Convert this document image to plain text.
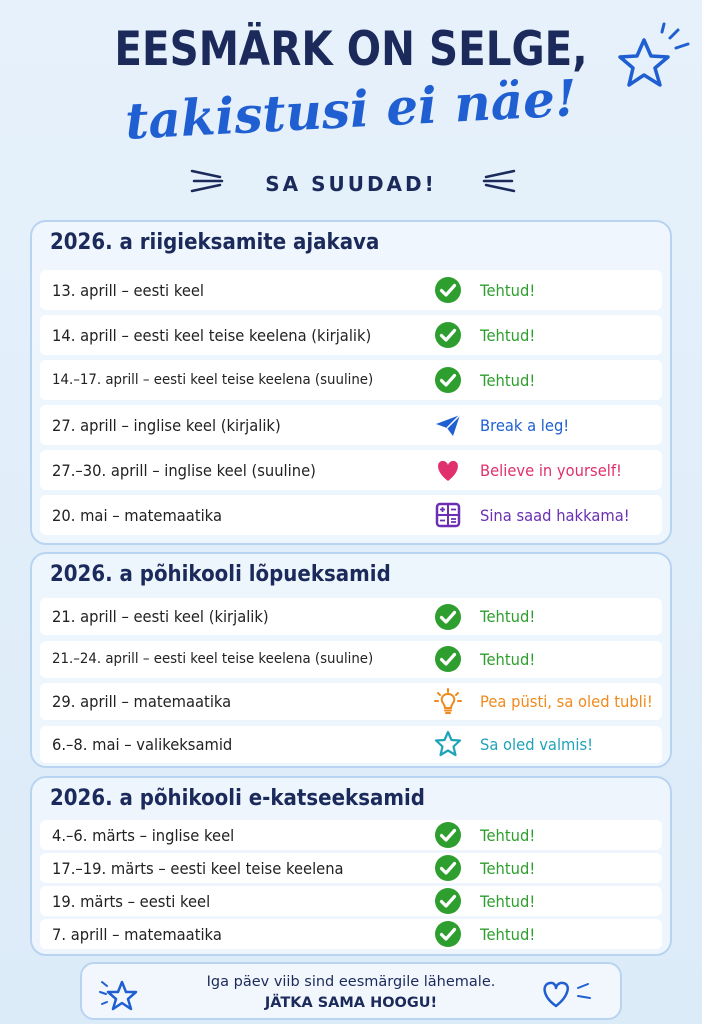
EESMÄRK ON SELGE,
takistusi ei näe!
SA SUUDAD!
2026. a riigieksamite ajakava
13. aprill – eesti keel	Tehtud!
14. aprill – eesti keel teise keelena (kirjalik)	Tehtud!
14.–17. aprill – eesti keel teise keelena (suuline)	Tehtud!
27. aprill – inglise keel (kirjalik)	Break a leg!
27.–30. aprill – inglise keel (suuline)	Believe in yourself!
20. mai – matemaatika	Sina saad hakkama!
2026. a põhikooli lõpueksamid
21. aprill – eesti keel (kirjalik)	Tehtud!
21.–24. aprill – eesti keel teise keelena (suuline)	Tehtud!
29. aprill – matemaatika	Pea püsti, sa oled tubli!
6.–8. mai – valikeksamid	Sa oled valmis!
2026. a põhikooli e-katseeksamid
4.–6. märts – inglise keel	Tehtud!
17.–19. märts – eesti keel teise keelena	Tehtud!
19. märts – eesti keel	Tehtud!
7. aprill – matemaatika	Tehtud!
Iga päev viib sind eesmärgile lähemale.
JÄTKA SAMA HOOGU!
